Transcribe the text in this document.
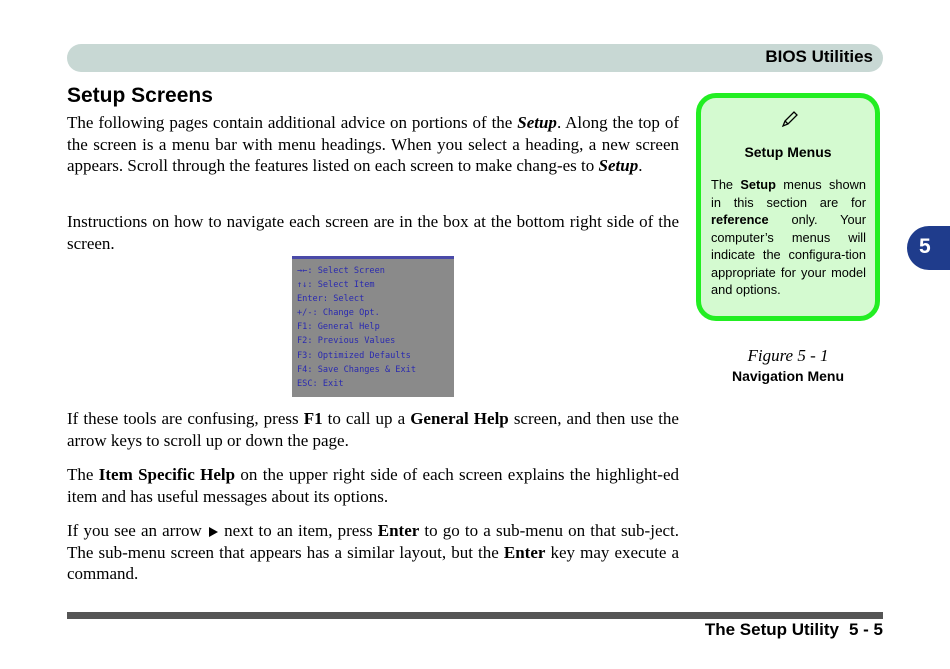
BIOS Utilities
Setup Screens

The following pages contain additional advice on portions of the Setup. Along the top of the screen is a menu bar with menu headings. When you select a heading, a new screen appears. Scroll through the features listed on each screen to make chang-es to Setup.

Instructions on how to navigate each screen are in the box at the bottom right side of the screen.

→←: Select Screen
↑↓: Select Item
Enter: Select
+/-: Change Opt.
F1: General Help
F2: Previous Values
F3: Optimized Defaults
F4: Save Changes & Exit
ESC: Exit

If these tools are confusing, press F1 to call up a General Help screen, and then use the arrow keys to scroll up or down the page.

The Item Specific Help on the upper right side of each screen explains the highlight-ed item and has useful messages about its options.

If you see an arrow  next to an item, press Enter to go to a sub-menu on that sub-ject. The sub-menu screen that appears has a similar layout, but the Enter key may execute a command.

5
Setup Menus

The Setup menus shown in this section are for reference only. Your computer’s menus will indicate the configura-tion appropriate for your model and options.

Figure 5 - 1
Navigation Menu
The Setup Utility 5 - 5
